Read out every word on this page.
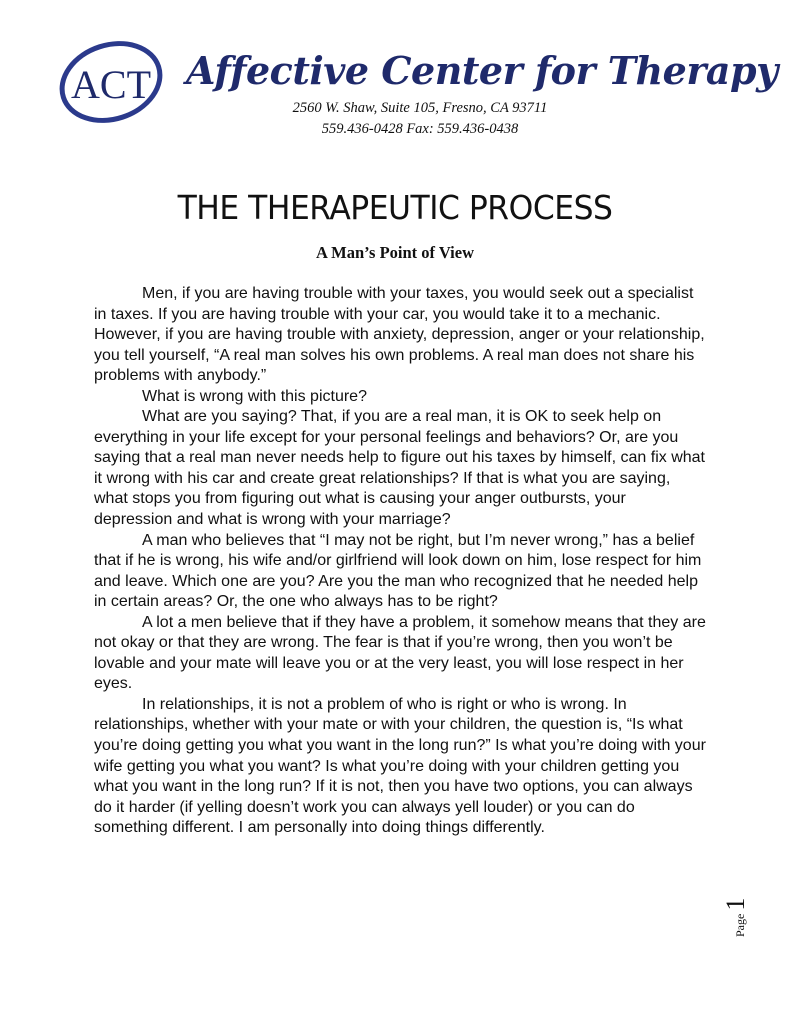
ACT Affective Center for Therapy
2560 W. Shaw, Suite 105, Fresno, CA 93711
559.436-0428 Fax: 559.436-0438
THE THERAPEUTIC PROCESS
A Man’s Point of View

Men, if you are having trouble with your taxes, you would seek out a specialist in taxes. If you are having trouble with your car, you would take it to a mechanic. However, if you are having trouble with anxiety, depression, anger or your relationship, you tell yourself, “A real man solves his own problems. A real man does not share his problems with anybody.”

What is wrong with this picture?

What are you saying? That, if you are a real man, it is OK to seek help on everything in your life except for your personal feelings and behaviors? Or, are you saying that a real man never needs help to figure out his taxes by himself, can fix what it wrong with his car and create great relationships? If that is what you are saying, what stops you from figuring out what is causing your anger outbursts, your depression and what is wrong with your marriage?

A man who believes that “I may not be right, but I’m never wrong,” has a belief that if he is wrong, his wife and/or girlfriend will look down on him, lose respect for him and leave. Which one are you? Are you the man who recognized that he needed help in certain areas? Or, the one who always has to be right?

A lot a men believe that if they have a problem, it somehow means that they are not okay or that they are wrong. The fear is that if you’re wrong, then you won’t be lovable and your mate will leave you or at the very least, you will lose respect in her eyes.

In relationships, it is not a problem of who is right or who is wrong. In relationships, whether with your mate or with your children, the question is, “Is what you’re doing getting you what you want in the long run?” Is what you’re doing with your wife getting you what you want? Is what you’re doing with your children getting you what you want in the long run? If it is not, then you have two options, you can always do it harder (if yelling doesn’t work you can always yell louder) or you can do something different. I am personally into doing things differently.

Page1
